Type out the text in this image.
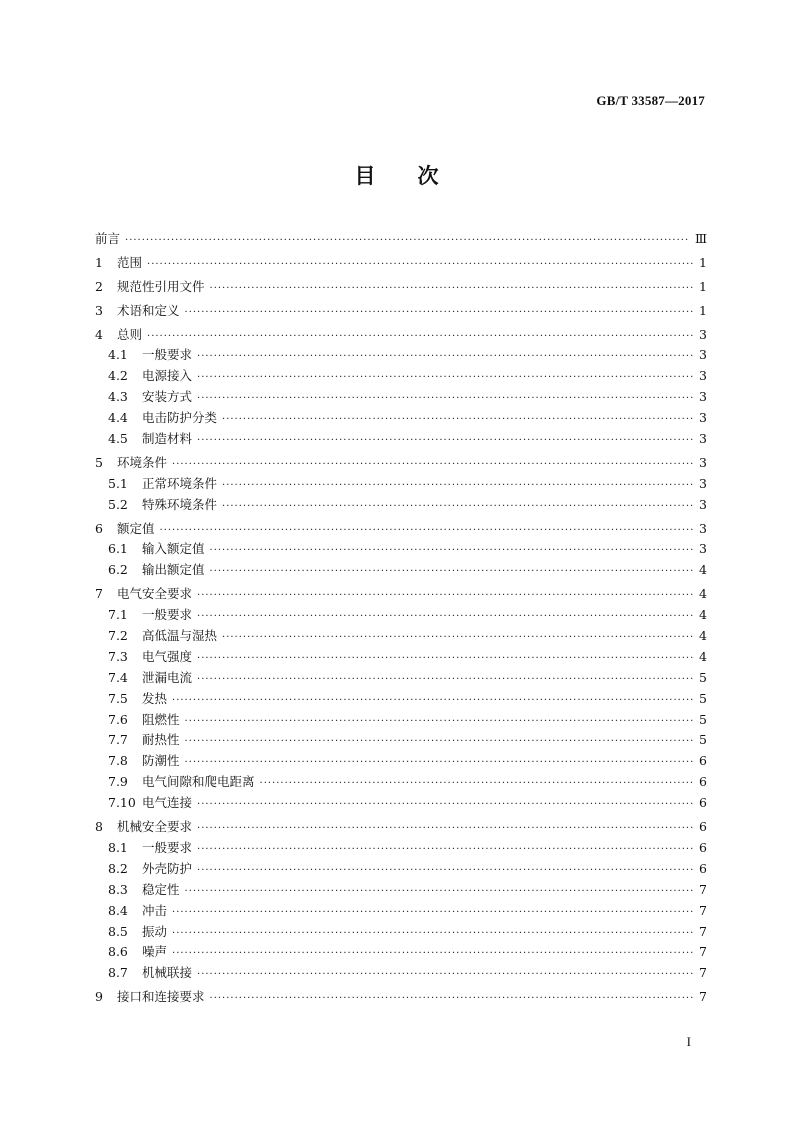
GB/T 33587—2017
目　　次
前言 ·····	Ⅲ
1	范围 ·····	1
2	规范性引用文件 ·····	1
3	术语和定义 ·····	1
4	总则 ·····	3
4.1	一般要求 ·····	3
4.2	电源接入 ·····	3
4.3	安装方式 ·····	3
4.4	电击防护分类 ·····	3
4.5	制造材料 ·····	3
5	环境条件 ·····	3
5.1	正常环境条件 ·····	3
5.2	特殊环境条件 ·····	3
6	额定值 ·····	3
6.1	输入额定值 ·····	3
6.2	输出额定值 ·····	4
7	电气安全要求 ·····	4
7.1	一般要求 ·····	4
7.2	高低温与湿热 ·····	4
7.3	电气强度 ·····	4
7.4	泄漏电流 ·····	5
7.5	发热 ·····	5
7.6	阻燃性 ·····	5
7.7	耐热性 ·····	5
7.8	防潮性 ·····	6
7.9	电气间隙和爬电距离 ·····	6
7.10 电气连接 ·····	6
8	机械安全要求 ·····	6
8.1	一般要求 ·····	6
8.2	外壳防护 ·····	6
8.3	稳定性 ·····	7
8.4	冲击 ·····	7
8.5	振动 ·····	7
8.6	噪声 ·····	7
8.7	机械联接 ·····	7
9	接口和连接要求 ·····	7
I
